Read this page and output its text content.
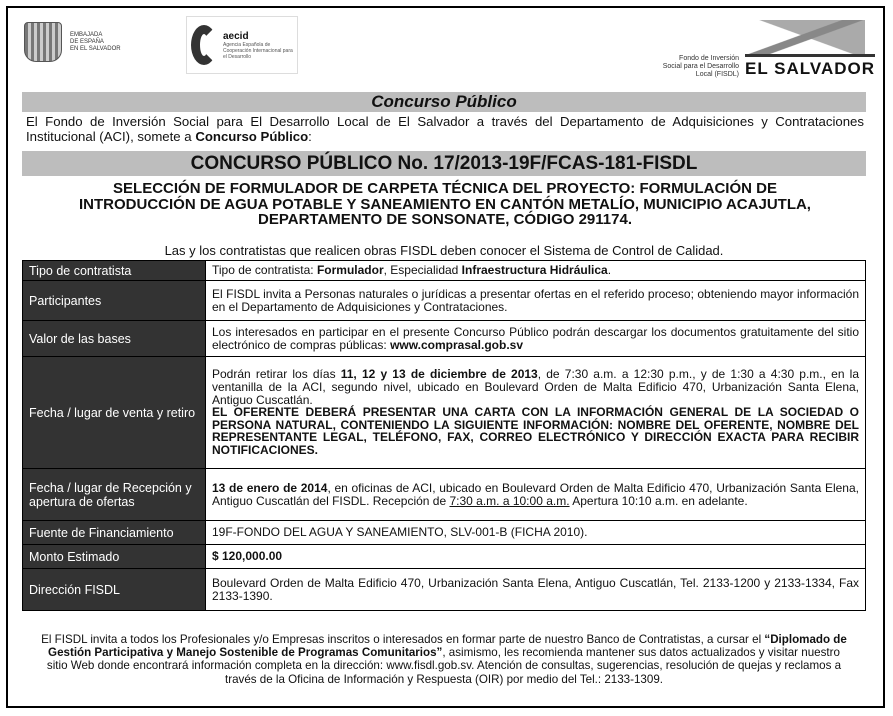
EMBAJADA
DE ESPAÑA
EN EL SALVADOR
aecid
Agencia Española de Cooperación Internacional para el Desarrollo	Fondo de Inversión
Social para el Desarrollo
Local (FISDL) EL SALVADOR
Concurso Público
El Fondo de Inversión Social para El Desarrollo Local de El Salvador a través del Departamento de Adquisiciones y Contrataciones Institucional (ACI), somete a Concurso Público:
CONCURSO PÚBLICO No. 17/2013-19F/FCAS-181-FISDL
SELECCIÓN DE FORMULADOR DE CARPETA TÉCNICA DEL PROYECTO: FORMULACIÓN DE INTRODUCCIÓN DE AGUA POTABLE Y SANEAMIENTO EN CANTÓN METALÍO, MUNICIPIO ACAJUTLA, DEPARTAMENTO DE SONSONATE, CÓDIGO 291174.
Las y los contratistas que realicen obras FISDL deben conocer el Sistema de Control de Calidad.
Tipo de contratista	Tipo de contratista: Formulador, Especialidad Infraestructura Hidráulica.
Participantes	El FISDL invita a Personas naturales o jurídicas a presentar ofertas en el referido proceso; obteniendo mayor información en el Departamento de Adquisiciones y Contrataciones.
Valor de las bases	Los interesados en participar en el presente Concurso Público podrán descargar los documentos gratuitamente del sitio electrónico de compras públicas: www.comprasal.gob.sv
Fecha / lugar de venta y retiro	Podrán retirar los días 11, 12 y 13 de diciembre de 2013, de 7:30 a.m. a 12:30 p.m., y de 1:30 a 4:30 p.m., en la ventanilla de la ACI, segundo nivel, ubicado en Boulevard Orden de Malta Edificio 470, Urbanización Santa Elena, Antiguo Cuscatlán.
EL OFERENTE DEBERÁ PRESENTAR UNA CARTA CON LA INFORMACIÓN GENERAL DE LA SOCIEDAD O PERSONA NATURAL, CONTENIENDO LA SIGUIENTE INFORMACIÓN: NOMBRE DEL OFERENTE, NOMBRE DEL REPRESENTANTE LEGAL, TELÉFONO, FAX, CORREO ELECTRÓNICO Y DIRECCIÓN EXACTA PARA RECIBIR NOTIFICACIONES.
Fecha / lugar de Recepción y apertura de ofertas	13 de enero de 2014, en oficinas de ACI, ubicado en Boulevard Orden de Malta Edificio 470, Urbanización Santa Elena, Antiguo Cuscatlán del FISDL. Recepción de 7:30 a.m. a 10:00 a.m. Apertura 10:10 a.m. en adelante.
Fuente de Financiamiento	19F-FONDO DEL AGUA Y SANEAMIENTO, SLV-001-B (FICHA 2010).
Monto Estimado	$ 120,000.00
Dirección FISDL	Boulevard Orden de Malta Edificio 470, Urbanización Santa Elena, Antiguo Cuscatlán, Tel. 2133-1200 y 2133-1334, Fax 2133-1390.
El FISDL invita a todos los Profesionales y/o Empresas inscritos o interesados en formar parte de nuestro Banco de Contratistas, a cursar el “Diplomado de Gestión Participativa y Manejo Sostenible de Programas Comunitarios”, asimismo, les recomienda mantener sus datos actualizados y visitar nuestro sitio Web donde encontrará información completa en la dirección: www.fisdl.gob.sv. Atención de consultas, sugerencias, resolución de quejas y reclamos a través de la Oficina de Información y Respuesta (OIR) por medio del Tel.: 2133-1309.
